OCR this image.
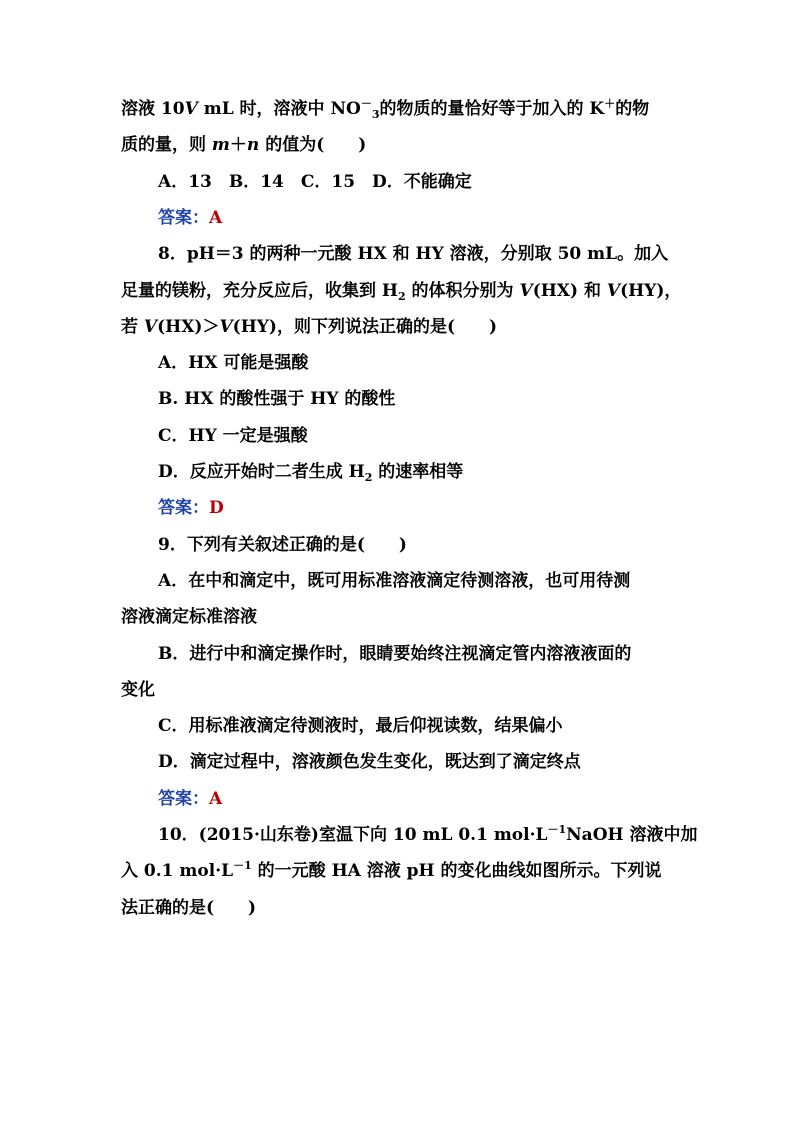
溶液 10V mL 时，溶液中 $NO^-_3$的物质的量恰好等于加入的 K＋的物
质的量，则 m＋n 的值为(　　)
A．13　B．14　C．15　D．不能确定
答案：A
8．pH＝3 的两种一元酸 HX 和 HY 溶液，分别取 50 mL。加入
足量的镁粉，充分反应后，收集到 $H_2$ 的体积分别为 V(HX) 和 V(HY)，
若 V(HX)＞V(HY)，则下列说法正确的是(　　)
A．HX 可能是强酸
B. HX 的酸性强于 HY 的酸性
C．HY 一定是强酸
D．反应开始时二者生成 $H_2$ 的速率相等
答案：D
9．下列有关叙述正确的是(　　)
A．在中和滴定中，既可用标准溶液滴定待测溶液，也可用待测
溶液滴定标准溶液
B．进行中和滴定操作时，眼睛要始终注视滴定管内溶液液面的
变化
C．用标准液滴定待测液时，最后仰视读数，结果偏小
D．滴定过程中，溶液颜色发生变化，既达到了滴定终点
答案：A
10．(2015·山东卷)室温下向 10 mL 0.1 $mol\cdot L^{-1}NaOH$ 溶液中加
入 0.1 $mol\cdot L^{-1}$ 的一元酸 HA 溶液 pH 的变化曲线如图所示。下列说
法正确的是(　　)
